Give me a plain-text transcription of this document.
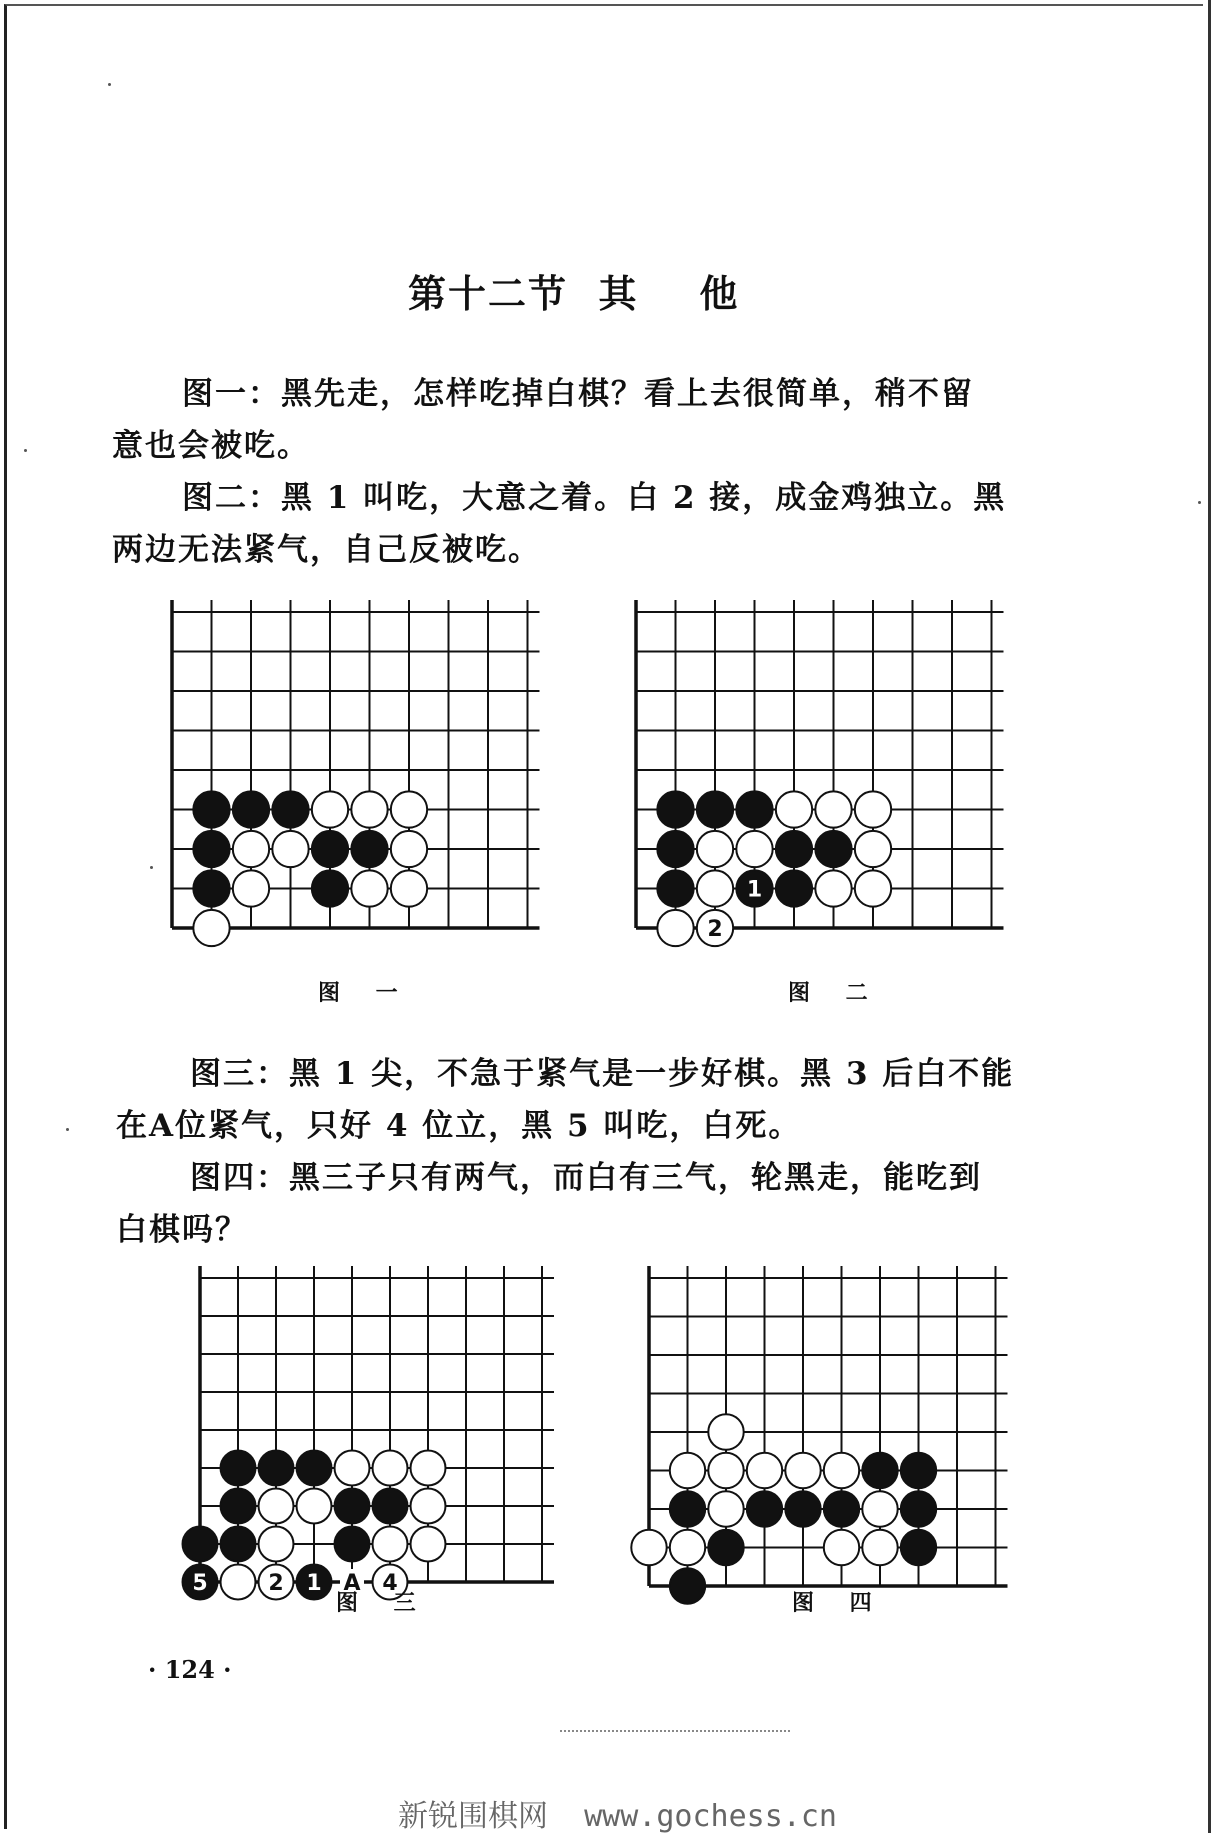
第十二节  其    他
图一：黑先走，怎样吃掉白棋？看上去很简单，稍不留
意也会被吃。
图二：黑 1 叫吃，大意之着。白 2 接，成金鸡独立。黑
两边无法紧气，自己反被吃。
1
2
图 一	图 二
图三：黑 1 尖，不急于紧气是一步好棋。黑 3 后白不能
在A位紧气，只好 4 位立，黑 5 叫吃，白死。
图四：黑三子只有两气，而白有三气，轮黑走，能吃到
白棋吗？
5	2 1 A 4
图 三	图 四
· 124 ·
新锐围棋网  www.gochess.cn
